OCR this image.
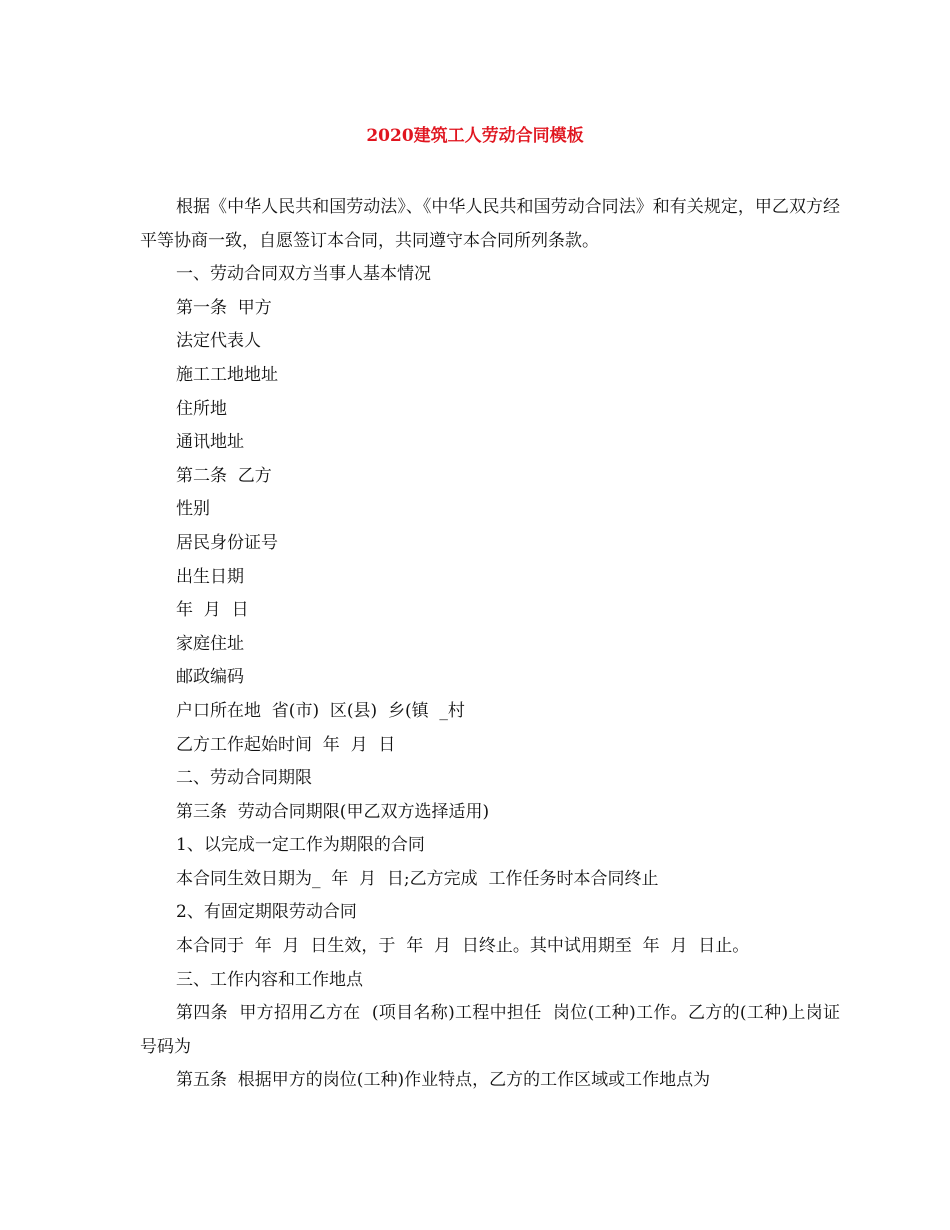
2020建筑工人劳动合同模板

根据《中华人民共和国劳动法》、《中华人民共和国劳动合同法》和有关规定，甲乙双方经平等协商一致，自愿签订本合同，共同遵守本合同所列条款。

一、劳动合同双方当事人基本情况

第一条  甲方

法定代表人

施工工地地址

住所地

通讯地址

第二条  乙方

性别

居民身份证号

出生日期

年  月  日

家庭住址

邮政编码

户口所在地  省(市)  区(县)  乡(镇  _村

乙方工作起始时间  年  月  日

二、劳动合同期限

第三条  劳动合同期限(甲乙双方选择适用)

1、以完成一定工作为期限的合同

本合同生效日期为_  年  月  日;乙方完成  工作任务时本合同终止

2、有固定期限劳动合同

本合同于  年  月  日生效，于  年  月  日终止。其中试用期至  年  月  日止。

三、工作内容和工作地点

第四条  甲方招用乙方在  (项目名称)工程中担任  岗位(工种)工作。乙方的(工种)上岗证号码为

第五条  根据甲方的岗位(工种)作业特点，乙方的工作区域或工作地点为
